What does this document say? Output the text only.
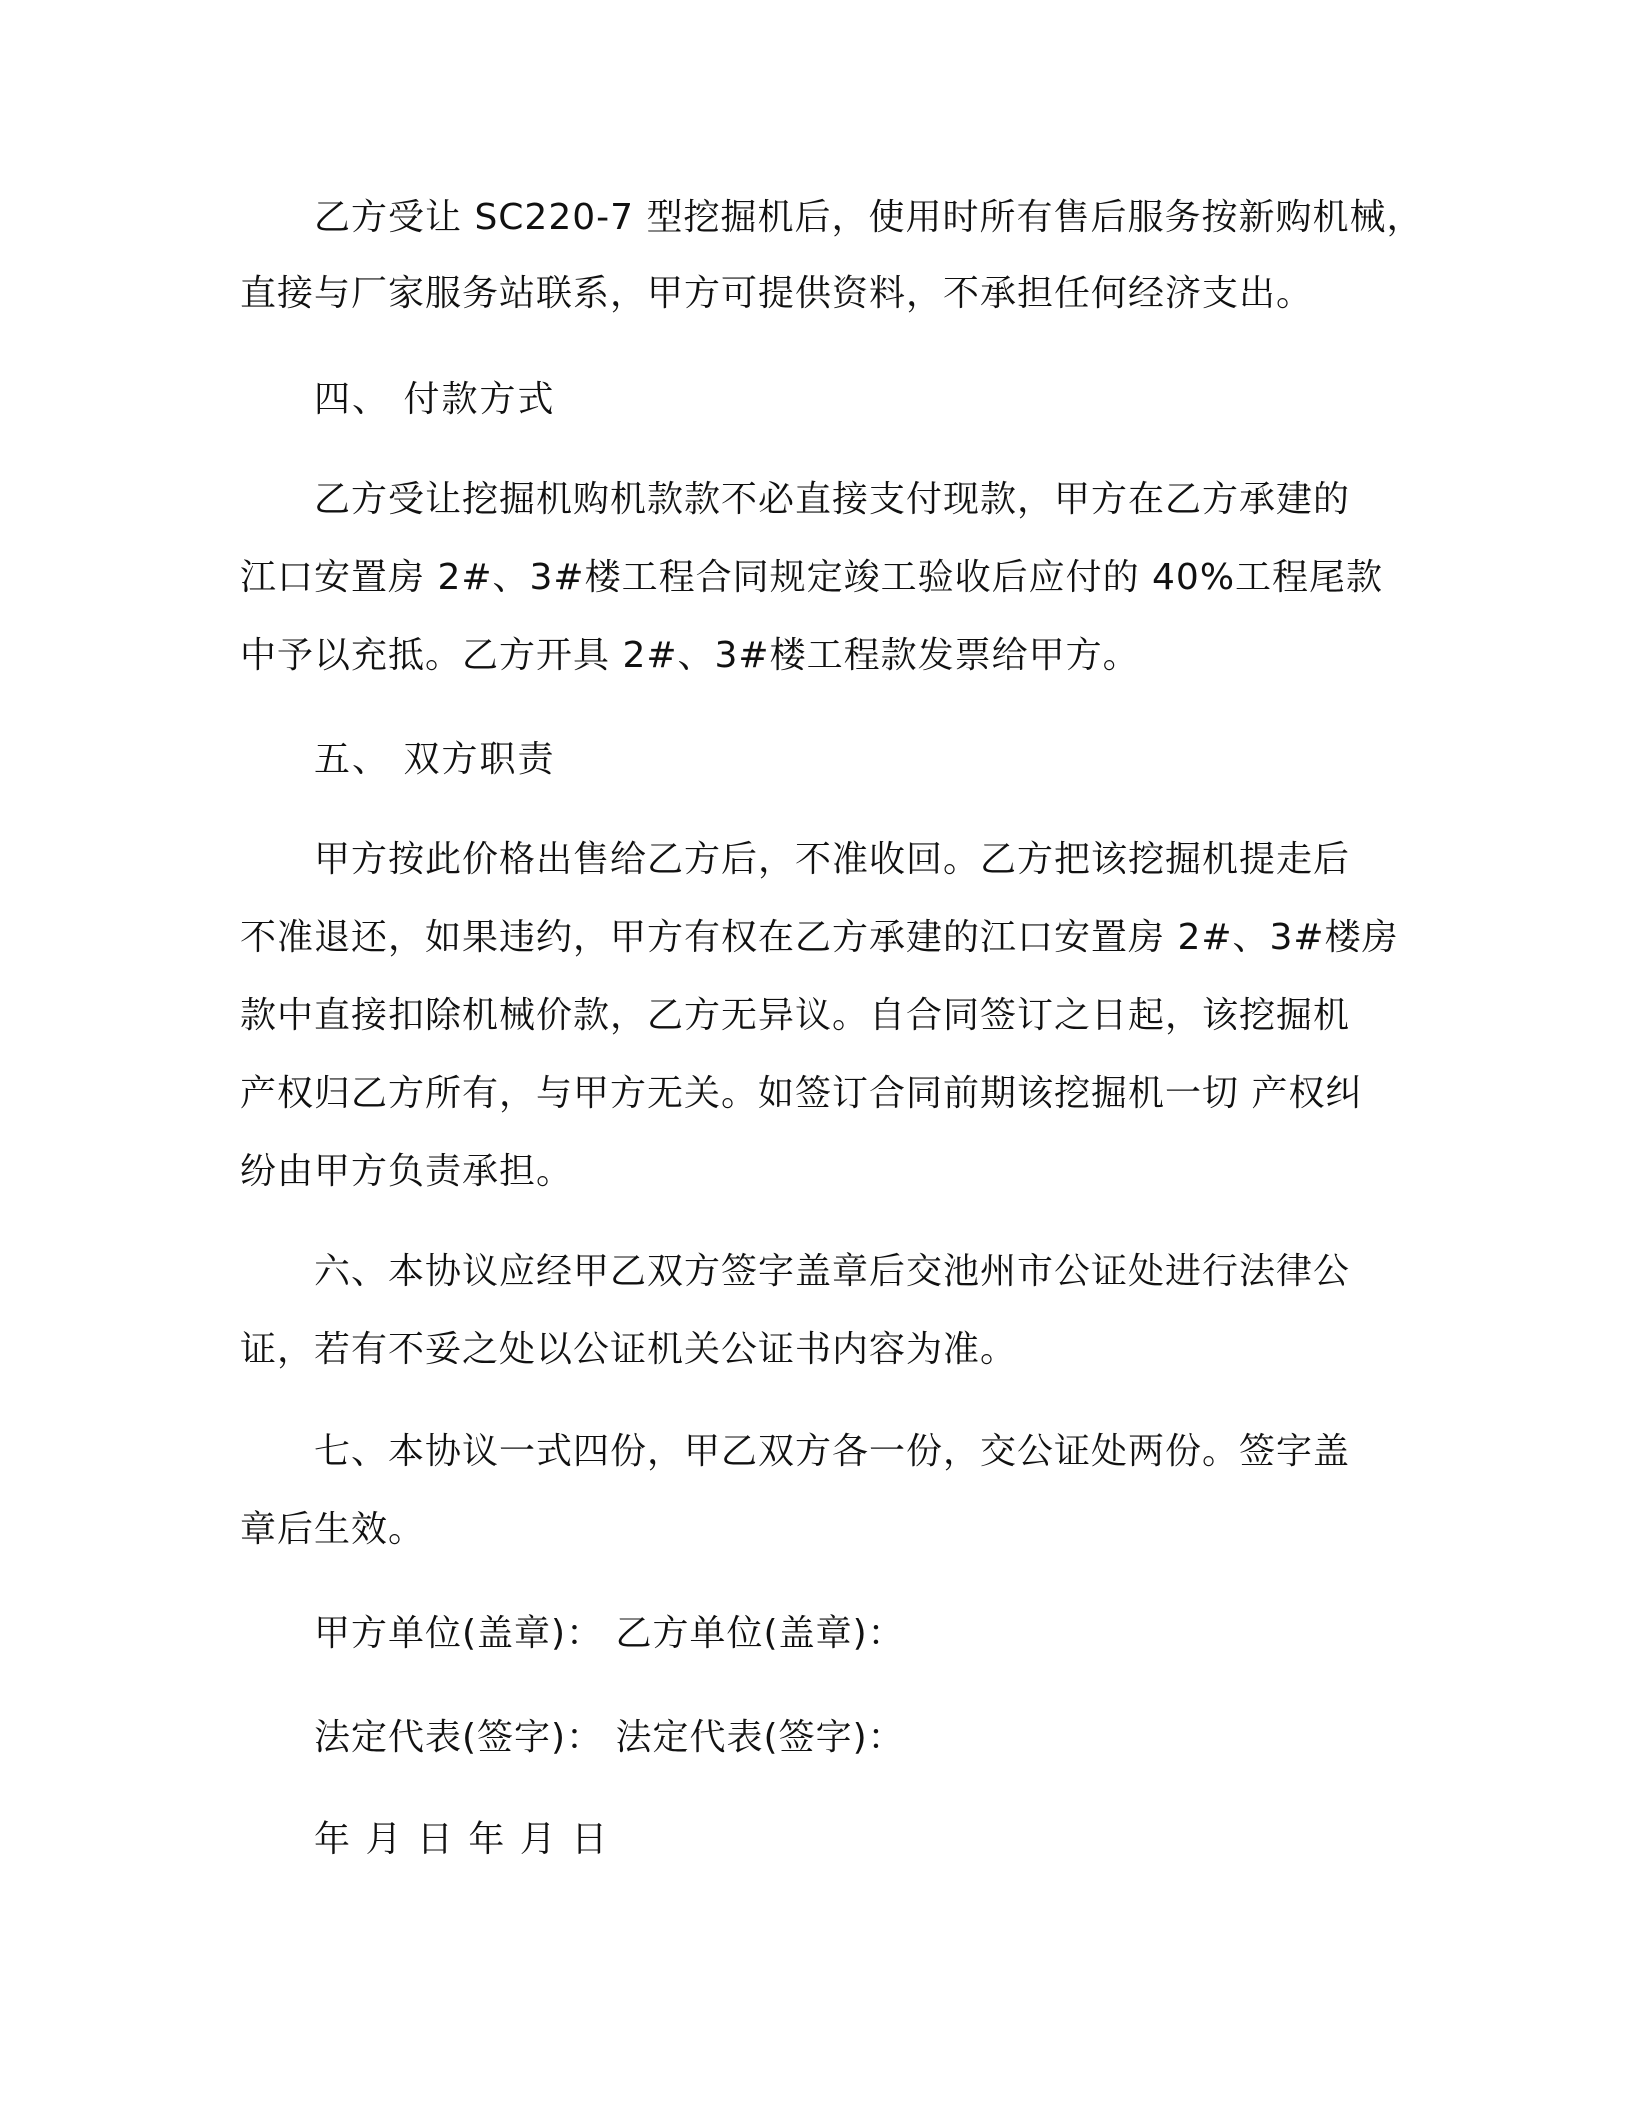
乙方受让 SC220-7 型挖掘机后，使用时所有售后服务按新购机械，
直接与厂家服务站联系，甲方可提供资料，不承担任何经济支出。
四、 付款方式
乙方受让挖掘机购机款款不必直接支付现款，甲方在乙方承建的
江口安置房 2#、3#楼工程合同规定竣工验收后应付的 40%工程尾款
中予以充抵。乙方开具 2#、3#楼工程款发票给甲方。
五、 双方职责
甲方按此价格出售给乙方后，不准收回。乙方把该挖掘机提走后
不准退还，如果违约，甲方有权在乙方承建的江口安置房 2#、3#楼房
款中直接扣除机械价款，乙方无异议。自合同签订之日起，该挖掘机
产权归乙方所有，与甲方无关。如签订合同前期该挖掘机一切 产权纠
纷由甲方负责承担。
六、本协议应经甲乙双方签字盖章后交池州市公证处进行法律公
证，若有不妥之处以公证机关公证书内容为准。
七、本协议一式四份，甲乙双方各一份，交公证处两份。签字盖
章后生效。
甲方单位(盖章)： 乙方单位(盖章)：
法定代表(签字)： 法定代表(签字)：
年 月 日 年 月 日
